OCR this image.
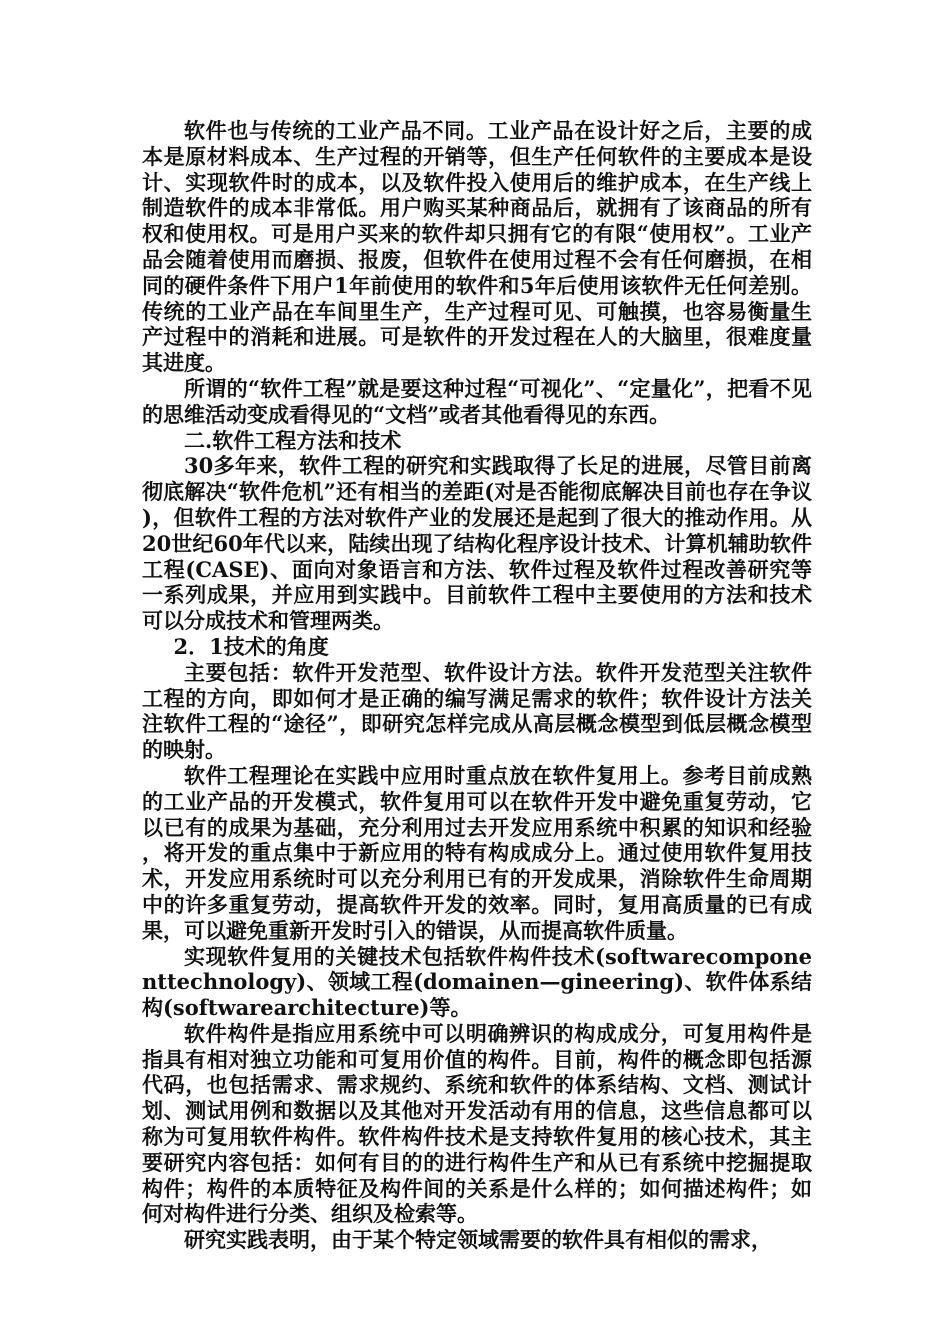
软件也与传统的工业产品不同。工业产品在设计好之后，主要的成本是原材料成本、生产过程的开销等，但生产任何软件的主要成本是设计、实现软件时的成本，以及软件投入使用后的维护成本，在生产线上制造软件的成本非常低。用户购买某种商品后，就拥有了该商品的所有权和使用权。可是用户买来的软件却只拥有它的有限“使用权”。工业产品会随着使用而磨损、报废，但软件在使用过程不会有任何磨损，在相同的硬件条件下用户1年前使用的软件和5年后使用该软件无任何差别。传统的工业产品在车间里生产，生产过程可见、可触摸，也容易衡量生产过程中的消耗和进展。可是软件的开发过程在人的大脑里，很难度量其进度。

所谓的“软件工程”就是要这种过程“可视化”、“定量化”，把看不见的思维活动变成看得见的“文档”或者其他看得见的东西。

二.软件工程方法和技术

30多年来，软件工程的研究和实践取得了长足的进展，尽管目前离彻底解决“软件危机”还有相当的差距(对是否能彻底解决目前也存在争议)，但软件工程的方法对软件产业的发展还是起到了很大的推动作用。从20世纪60年代以来，陆续出现了结构化程序设计技术、计算机辅助软件工程(CASE)、面向对象语言和方法、软件过程及软件过程改善研究等一系列成果，并应用到实践中。目前软件工程中主要使用的方法和技术可以分成技术和管理两类。

2．1技术的角度

主要包括：软件开发范型、软件设计方法。软件开发范型关注软件工程的方向，即如何才是正确的编写满足需求的软件；软件设计方法关注软件工程的“途径”，即研究怎样完成从高层概念模型到低层概念模型的映射。

软件工程理论在实践中应用时重点放在软件复用上。参考目前成熟的工业产品的开发模式，软件复用可以在软件开发中避免重复劳动，它以已有的成果为基础，充分利用过去开发应用系统中积累的知识和经验，将开发的重点集中于新应用的特有构成成分上。通过使用软件复用技术，开发应用系统时可以充分利用已有的开发成果，消除软件生命周期中的许多重复劳动，提高软件开发的效率。同时，复用高质量的已有成果，可以避免重新开发时引入的错误，从而提高软件质量。

实现软件复用的关键技术包括软件构件技术(softwarecomponenttechnology)、领域工程(domainen—gineering)、软件体系结构(softwarearchitecture)等。

软件构件是指应用系统中可以明确辨识的构成成分，可复用构件是指具有相对独立功能和可复用价值的构件。目前，构件的概念即包括源代码，也包括需求、需求规约、系统和软件的体系结构、文档、测试计划、测试用例和数据以及其他对开发活动有用的信息，这些信息都可以称为可复用软件构件。软件构件技术是支持软件复用的核心技术，其主要研究内容包括：如何有目的的进行构件生产和从已有系统中挖掘提取构件；构件的本质特征及构件间的关系是什么样的；如何描述构件；如何对构件进行分类、组织及检索等。

研究实践表明，由于某个特定领域需要的软件具有相似的需求，
